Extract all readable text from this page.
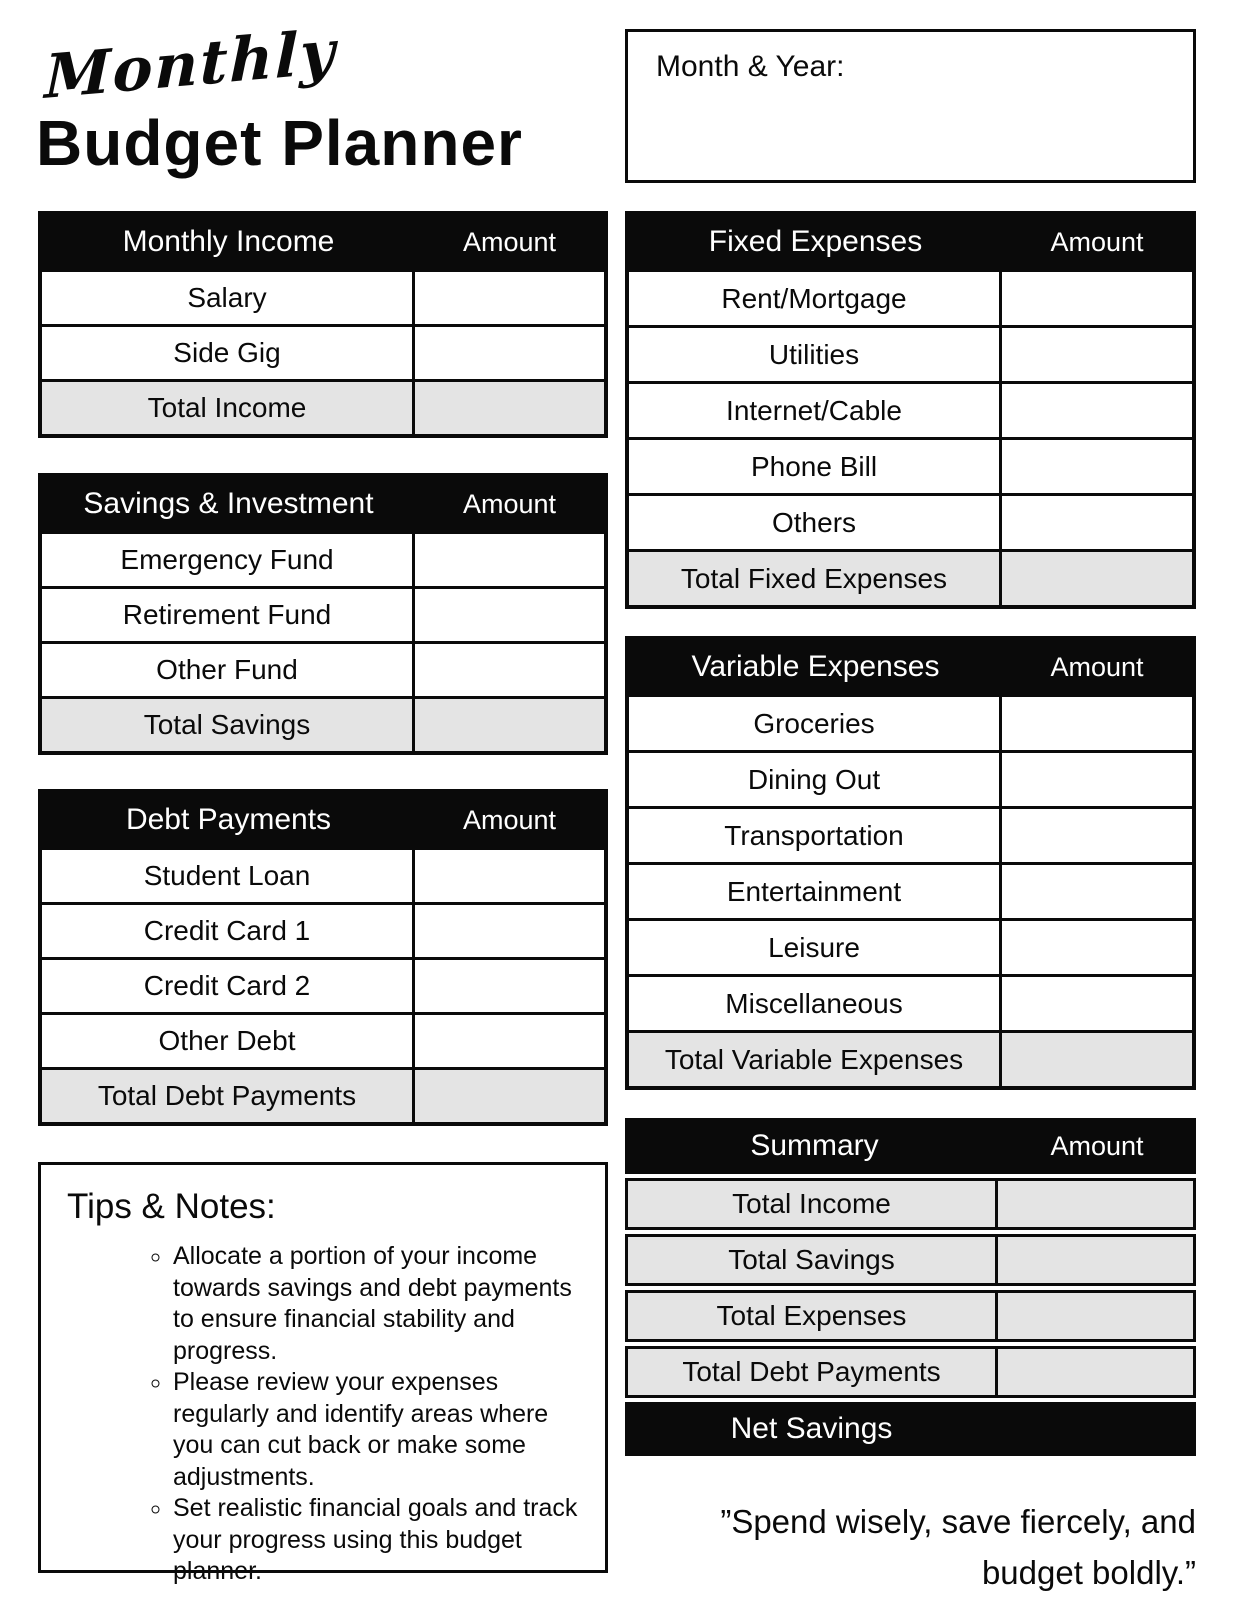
Monthly
Budget Planner
Month & Year:
Monthly Income	Amount
Salary
Side Gig
Total Income
Savings & Investment	Amount
Emergency Fund
Retirement Fund
Other Fund
Total Savings
Debt Payments	Amount
Student Loan
Credit Card 1
Credit Card 2
Other Debt
Total Debt Payments
Fixed Expenses	Amount
Rent/Mortgage
Utilities
Internet/Cable
Phone Bill
Others
Total Fixed Expenses
Variable Expenses	Amount
Groceries
Dining Out
Transportation
Entertainment
Leisure
Miscellaneous
Total Variable Expenses
Summary	Amount
Total Income
Total Savings
Total Expenses
Total Debt Payments
Net Savings
Tips & Notes:
◦ Allocate a portion of your income towards savings and debt payments to ensure financial stability and progress.
◦ Please review your expenses regularly and identify areas where you can cut back or make some adjustments.
◦ Set realistic financial goals and track your progress using this budget planner.
”Spend wisely, save fiercely, and budget boldly.”
